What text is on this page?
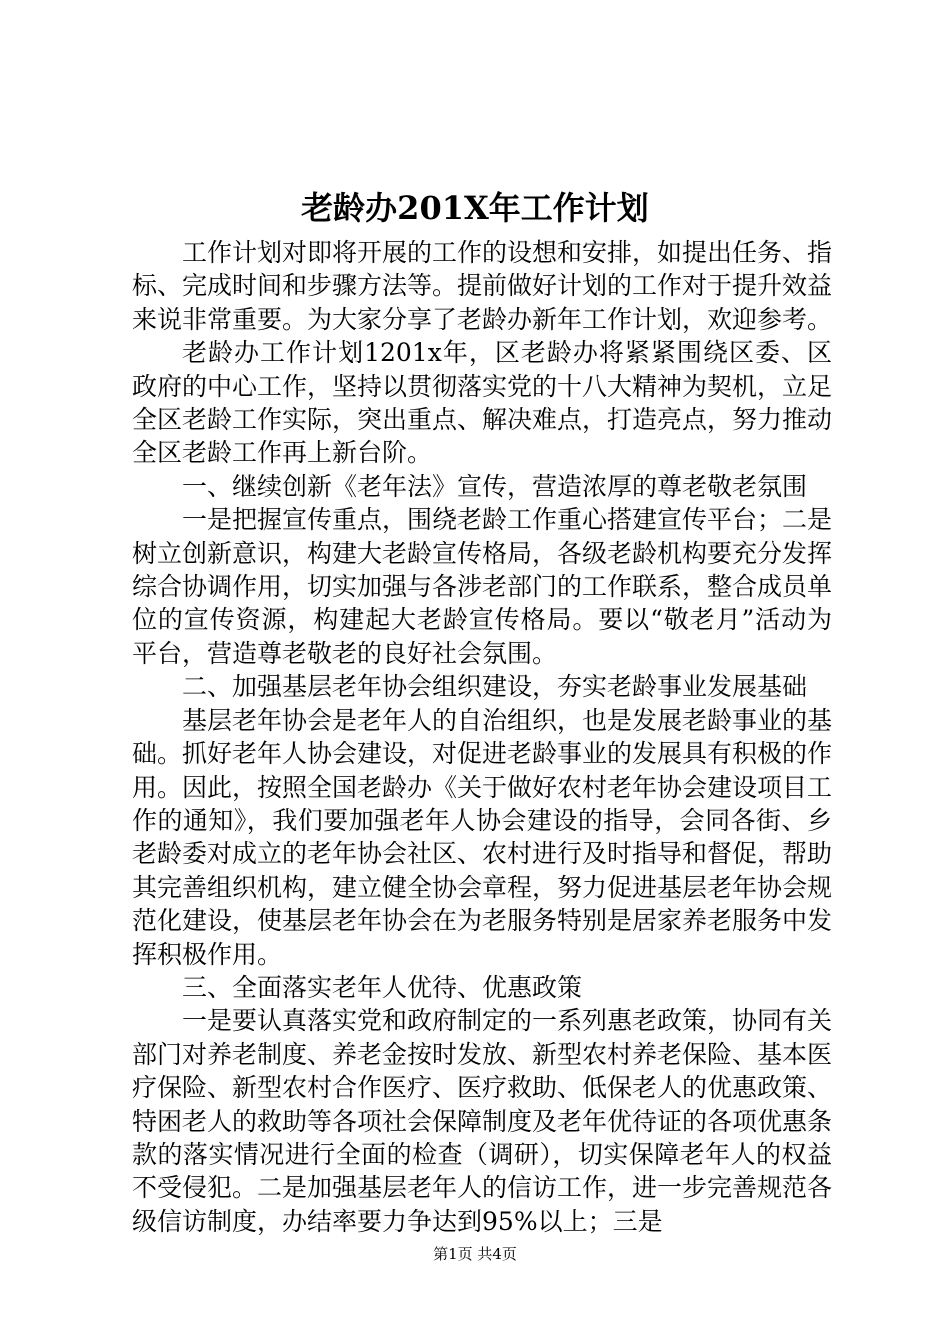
老龄办201X年工作计划

工作计划对即将开展的工作的设想和安排，如提出任务、指标、完成时间和步骤方法等。提前做好计划的工作对于提升效益来说非常重要。为大家分享了老龄办新年工作计划，欢迎参考。

老龄办工作计划1201x年，区老龄办将紧紧围绕区委、区政府的中心工作，坚持以贯彻落实党的十八大精神为契机，立足全区老龄工作实际，突出重点、解决难点，打造亮点，努力推动全区老龄工作再上新台阶。

一、继续创新《老年法》宣传，营造浓厚的尊老敬老氛围

一是把握宣传重点，围绕老龄工作重心搭建宣传平台；二是树立创新意识，构建大老龄宣传格局，各级老龄机构要充分发挥综合协调作用，切实加强与各涉老部门的工作联系，整合成员单位的宣传资源，构建起大老龄宣传格局。要以“敬老月”活动为平台，营造尊老敬老的良好社会氛围。

二、加强基层老年协会组织建设，夯实老龄事业发展基础

基层老年协会是老年人的自治组织，也是发展老龄事业的基础。抓好老年人协会建设，对促进老龄事业的发展具有积极的作用。因此，按照全国老龄办《关于做好农村老年协会建设项目工作的通知》，我们要加强老年人协会建设的指导，会同各街、乡老龄委对成立的老年协会社区、农村进行及时指导和督促，帮助其完善组织机构，建立健全协会章程，努力促进基层老年协会规范化建设，使基层老年协会在为老服务特别是居家养老服务中发挥积极作用。

三、全面落实老年人优待、优惠政策

一是要认真落实党和政府制定的一系列惠老政策，协同有关部门对养老制度、养老金按时发放、新型农村养老保险、基本医疗保险、新型农村合作医疗、医疗救助、低保老人的优惠政策、特困老人的救助等各项社会保障制度及老年优待证的各项优惠条款的落实情况进行全面的检查（调研），切实保障老年人的权益不受侵犯。二是加强基层老年人的信访工作，进一步完善规范各级信访制度，办结率要力争达到95%以上；三是

第1页 共4页
